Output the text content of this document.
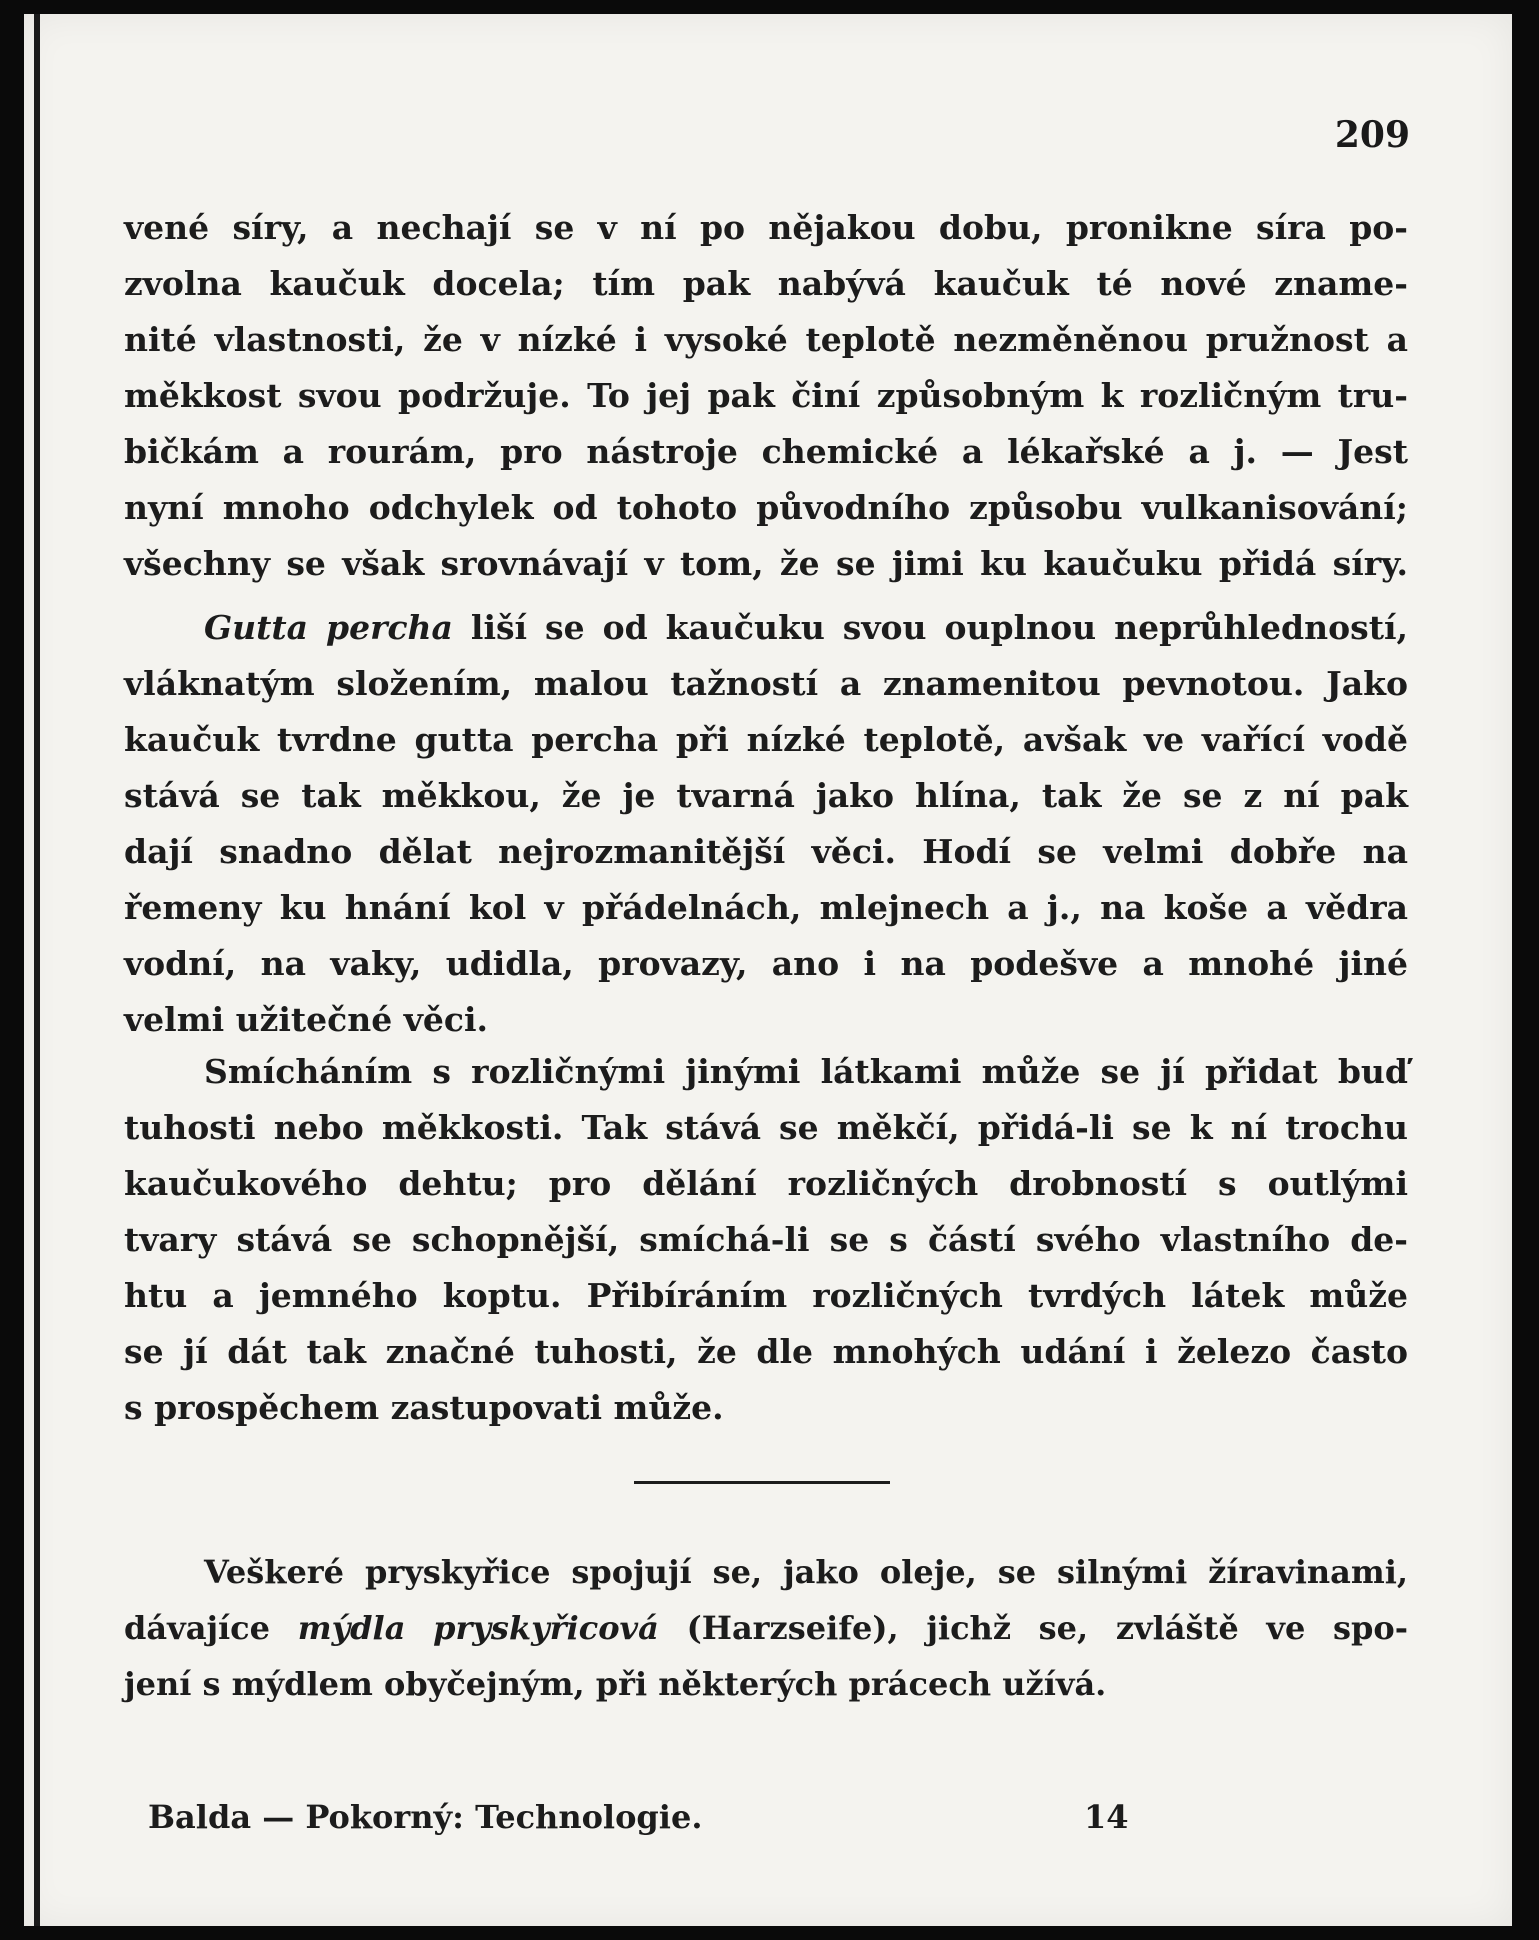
209
vené síry, a nechají se v ní po nějakou dobu, pronikne síra po-
zvolna kaučuk docela; tím pak nabývá kaučuk té nové zname-
nité vlastnosti, že v nízké i vysoké teplotě nezměněnou pružnost a
měkkost svou podržuje. To jej pak činí způsobným k rozličným tru-
bičkám a rourám, pro nástroje chemické a lékařské a j. — Jest
nyní mnoho odchylek od tohoto původního způsobu vulkanisování;
všechny se však srovnávají v tom, že se jimi ku kaučuku přidá síry.
Gutta percha liší se od kaučuku svou ouplnou neprůhledností,
vláknatým složením, malou tažností a znamenitou pevnotou. Jako
kaučuk tvrdne gutta percha při nízké teplotě, avšak ve vařící vodě
stává se tak měkkou, že je tvarná jako hlína, tak že se z ní pak
dají snadno dělat nejrozmanitější věci. Hodí se velmi dobře na
řemeny ku hnání kol v přádelnách, mlejnech a j., na koše a vědra
vodní, na vaky, udidla, provazy, ano i na podešve a mnohé jiné
velmi užitečné věci.
Smícháním s rozličnými jinými látkami může se jí přidat buď
tuhosti nebo měkkosti. Tak stává se měkčí, přidá-li se k ní trochu
kaučukového dehtu; pro dělání rozličných drobností s outlými
tvary stává se schopnější, smíchá-li se s částí svého vlastního de-
htu a jemného koptu. Přibíráním rozličných tvrdých látek může
se jí dát tak značné tuhosti, že dle mnohých udání i železo často
s prospěchem zastupovati může.
Veškeré pryskyřice spojují se, jako oleje, se silnými žíravinami,
dávajíce mýdla pryskyřicová (Harzseife), jichž se, zvláště ve spo-
jení s mýdlem obyčejným, při některých prácech užívá.
Balda — Pokorný: Technologie.	14
